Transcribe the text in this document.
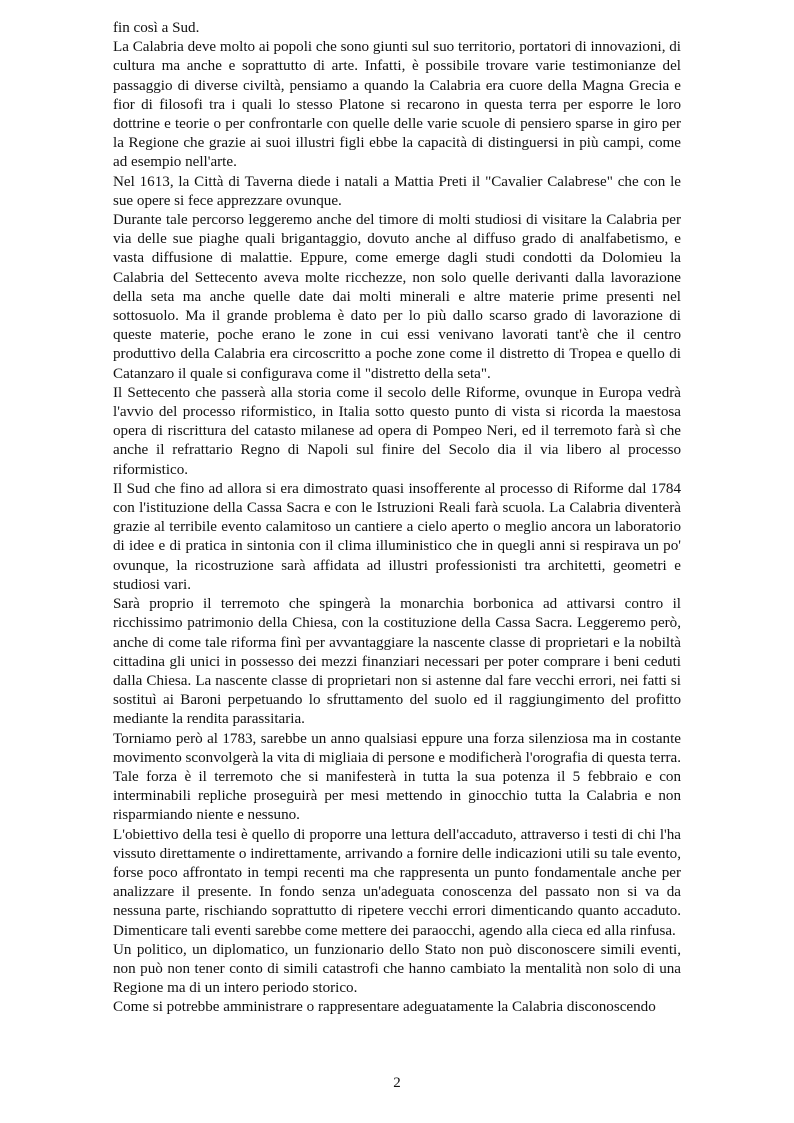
fin così a Sud.

La Calabria deve molto ai popoli che sono giunti sul suo territorio, portatori di innovazioni, di cultura ma anche e soprattutto di arte. Infatti, è possibile trovare varie testimonianze del passaggio di diverse civiltà, pensiamo a quando la Calabria era cuore della Magna Grecia e fior di filosofi tra i quali lo stesso Platone si recarono in questa terra per esporre le loro dottrine e teorie o per confrontarle con quelle delle varie scuole di pensiero sparse in giro per la Regione che grazie ai suoi illustri figli ebbe la capacità di distinguersi in più campi, come ad esempio nell'arte.

Nel 1613, la Città di Taverna diede i natali a Mattia Preti il "Cavalier Calabrese" che con le sue opere si fece apprezzare ovunque.

Durante tale percorso leggeremo anche del timore di molti studiosi di visitare la Calabria per via delle sue piaghe quali brigantaggio, dovuto anche al diffuso grado di analfabetismo, e vasta diffusione di malattie. Eppure, come emerge dagli studi condotti da Dolomieu la Calabria del Settecento aveva molte ricchezze, non solo quelle derivanti dalla lavorazione della seta ma anche quelle date dai molti minerali e altre materie prime presenti nel sottosuolo. Ma il grande problema è dato per lo più dallo scarso grado di lavorazione di queste materie, poche erano le zone in cui essi venivano lavorati tant'è che il centro produttivo della Calabria era circoscritto a poche zone come il distretto di Tropea e quello di Catanzaro il quale si configurava come il "distretto della seta".

Il Settecento che passerà alla storia come il secolo delle Riforme, ovunque in Europa vedrà l'avvio del processo riformistico, in Italia sotto questo punto di vista si ricorda la maestosa opera di riscrittura del catasto milanese ad opera di Pompeo Neri, ed il terremoto farà sì che anche il refrattario Regno di Napoli sul finire del Secolo dia il via libero al processo riformistico.

Il Sud che fino ad allora si era dimostrato quasi insofferente al processo di Riforme dal 1784 con l'istituzione della Cassa Sacra e con le Istruzioni Reali farà scuola. La Calabria diventerà grazie al terribile evento calamitoso un cantiere a cielo aperto o meglio ancora un laboratorio di idee e di pratica in sintonia con il clima illuministico che in quegli anni si respirava un po' ovunque, la ricostruzione sarà affidata ad illustri professionisti tra architetti, geometri e studiosi vari.

Sarà proprio il terremoto che spingerà la monarchia borbonica ad attivarsi contro il ricchissimo patrimonio della Chiesa, con la costituzione della Cassa Sacra. Leggeremo però, anche di come tale riforma finì per avvantaggiare la nascente classe di proprietari e la nobiltà cittadina gli unici in possesso dei mezzi finanziari necessari per poter comprare i beni ceduti dalla Chiesa. La nascente classe di proprietari non si astenne dal fare vecchi errori, nei fatti si sostituì ai Baroni perpetuando lo sfruttamento del suolo ed il raggiungimento del profitto mediante la rendita parassitaria.

Torniamo però al 1783, sarebbe un anno qualsiasi eppure una forza silenziosa ma in costante movimento sconvolgerà la vita di migliaia di persone e modificherà l'orografia di questa terra. Tale forza è il terremoto che si manifesterà in tutta la sua potenza il 5 febbraio e con interminabili repliche proseguirà per mesi mettendo in ginocchio tutta la Calabria e non risparmiando niente e nessuno.

L'obiettivo della tesi è quello di proporre una lettura dell'accaduto, attraverso i testi di chi l'ha vissuto direttamente o indirettamente, arrivando a fornire delle indicazioni utili su tale evento, forse poco affrontato in tempi recenti ma che rappresenta un punto fondamentale anche per analizzare il presente. In fondo senza un'adeguata conoscenza del passato non si va da nessuna parte, rischiando soprattutto di ripetere vecchi errori dimenticando quanto accaduto. Dimenticare tali eventi sarebbe come mettere dei paraocchi, agendo alla cieca ed alla rinfusa.

Un politico, un diplomatico, un funzionario dello Stato non può disconoscere simili eventi, non può non tener conto di simili catastrofi che hanno cambiato la mentalità non solo di una Regione ma di un intero periodo storico.

Come si potrebbe amministrare o rappresentare adeguatamente la Calabria disconoscendo

2
